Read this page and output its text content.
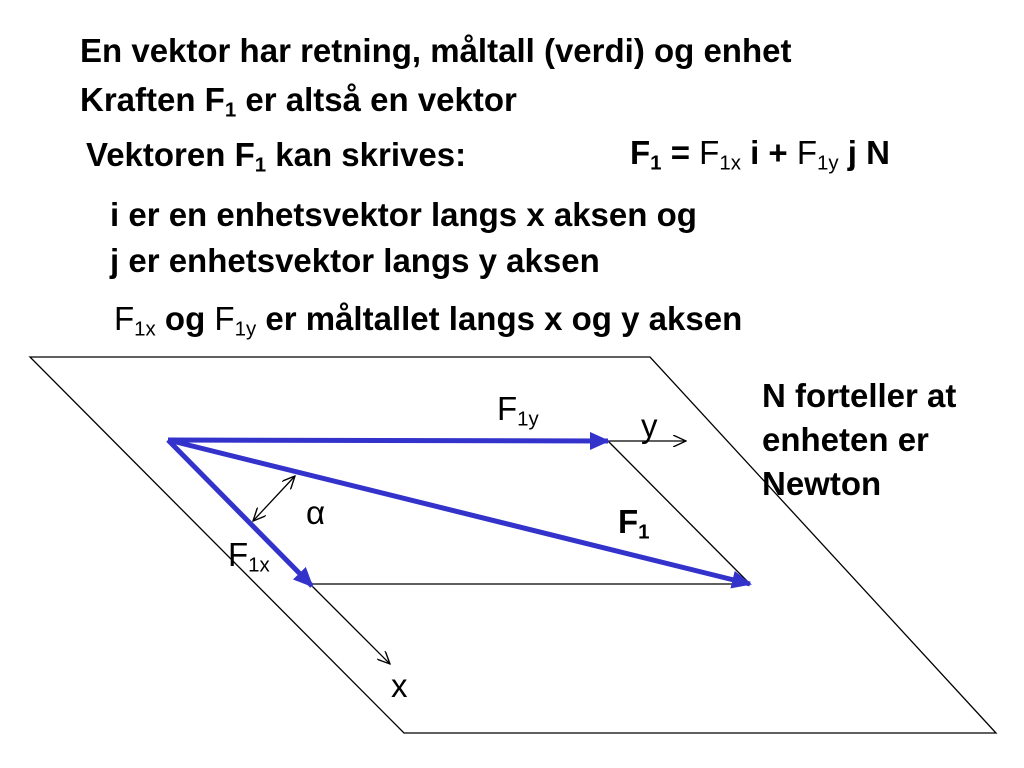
En vektor har retning, måltall (verdi) og enhet
Kraften $F_1$ er altså en vektor
Vektoren $F_1$ kan skrives:	$F_1 = F_{1x}$ $i + F_{1y}$ j N
i er en enhetsvektor langs x aksen og
j er enhetsvektor langs y aksen
$F_{1x}$ og $F_{1y}$ er måltallet langs x og y aksen
N forteller at
enheten er
Newton
$F_{1y}$	y
α	$F_1$
$F_{1x}$
x
